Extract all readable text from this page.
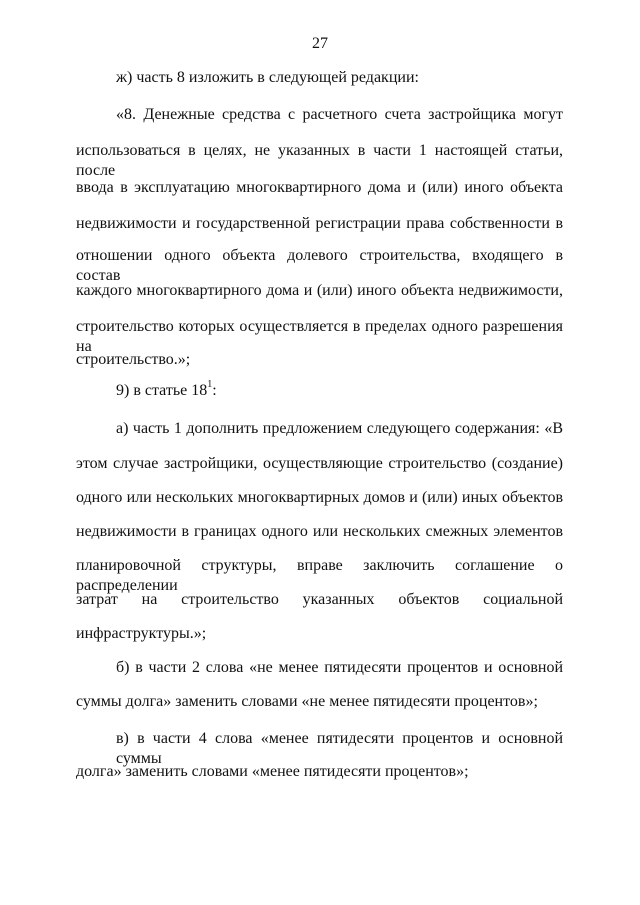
27
ж) часть 8 изложить в следующей редакции:
«8. Денежные средства с расчетного счета застройщика могут
использоваться в целях, не указанных в части 1 настоящей статьи, после
ввода в эксплуатацию многоквартирного дома и (или) иного объекта
недвижимости и государственной регистрации права собственности в
отношении одного объекта долевого строительства, входящего в состав
каждого многоквартирного дома и (или) иного объекта недвижимости,
строительство которых осуществляется в пределах одного разрешения на
строительство.»;
9) в статье $18^1$:
а) часть 1 дополнить предложением следующего содержания: «В
этом случае застройщики, осуществляющие строительство (создание)
одного или нескольких многоквартирных домов и (или) иных объектов
недвижимости в границах одного или нескольких смежных элементов
планировочной структуры, вправе заключить соглашение о распределении
затрат на строительство указанных объектов социальной
инфраструктуры.»;
б) в части 2 слова «не менее пятидесяти процентов и основной
суммы долга» заменить словами «не менее пятидесяти процентов»;
в) в части 4 слова «менее пятидесяти процентов и основной суммы
долга» заменить словами «менее пятидесяти процентов»;
